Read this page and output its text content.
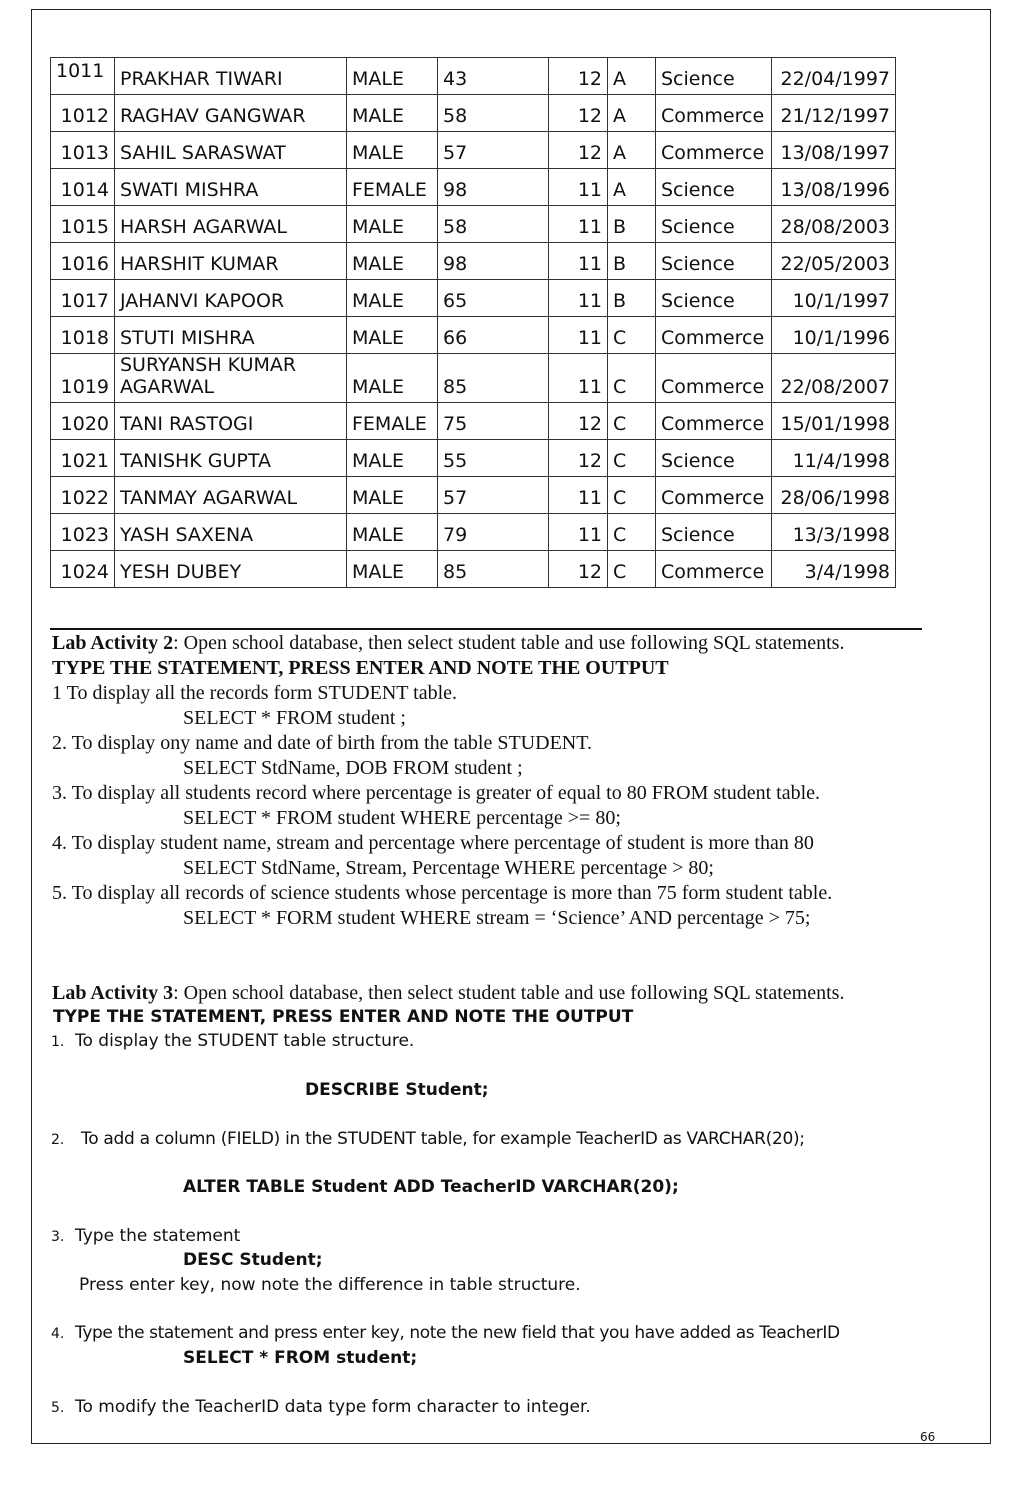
1011	PRAKHAR TIWARI	MALE	43	12	A	Science	22/04/1997
1012	RAGHAV GANGWAR	MALE	58	12	A	Commerce	21/12/1997
1013	SAHIL SARASWAT	MALE	57	12	A	Commerce	13/08/1997
1014	SWATI MISHRA	FEMALE	98	11	A	Science	13/08/1996
1015	HARSH AGARWAL	MALE	58	11	B	Science	28/08/2003
1016	HARSHIT KUMAR	MALE	98	11	B	Science	22/05/2003
1017	JAHANVI KAPOOR	MALE	65	11	B	Science	10/1/1997
1018	STUTI MISHRA	MALE	66	11	C	Commerce	10/1/1996
1019	SURYANSH KUMAR AGARWAL	MALE	85	11	C	Commerce	22/08/2007
1020	TANI RASTOGI	FEMALE	75	12	C	Commerce	15/01/1998
1021	TANISHK GUPTA	MALE	55	12	C	Science	11/4/1998
1022	TANMAY AGARWAL	MALE	57	11	C	Commerce	28/06/1998
1023	YASH SAXENA	MALE	79	11	C	Science	13/3/1998
1024	YESH DUBEY	MALE	85	12	C	Commerce	3/4/1998
Lab Activity 2: Open school database, then select student table and use following SQL statements.
TYPE THE STATEMENT, PRESS ENTER AND NOTE THE OUTPUT
1 To display all the records form STUDENT table.
SELECT * FROM student ;
2. To display ony name and date of birth from the table STUDENT.
SELECT StdName, DOB FROM student ;
3. To display all students record where percentage is greater of equal to 80 FROM student table.
SELECT * FROM student WHERE percentage >= 80;
4. To display student name, stream and percentage where percentage of student is more than 80
SELECT StdName, Stream, Percentage WHERE percentage > 80;
5. To display all records of science students whose percentage is more than 75 form student table.
SELECT * FORM student WHERE stream = ‘Science’ AND percentage > 75;
Lab Activity 3: Open school database, then select student table and use following SQL statements.
TYPE THE STATEMENT, PRESS ENTER AND NOTE THE OUTPUT
1. To display the STUDENT table structure.
DESCRIBE Student;
2. To add a column (FIELD) in the STUDENT table, for example TeacherID as VARCHAR(20);
ALTER TABLE Student ADD TeacherID VARCHAR(20);
3. Type the statement
DESC Student;
Press enter key, now note the difference in table structure.
4. Type the statement and press enter key, note the new field that you have added as TeacherID
SELECT * FROM student;
5. To modify the TeacherID data type form character to integer.
66
